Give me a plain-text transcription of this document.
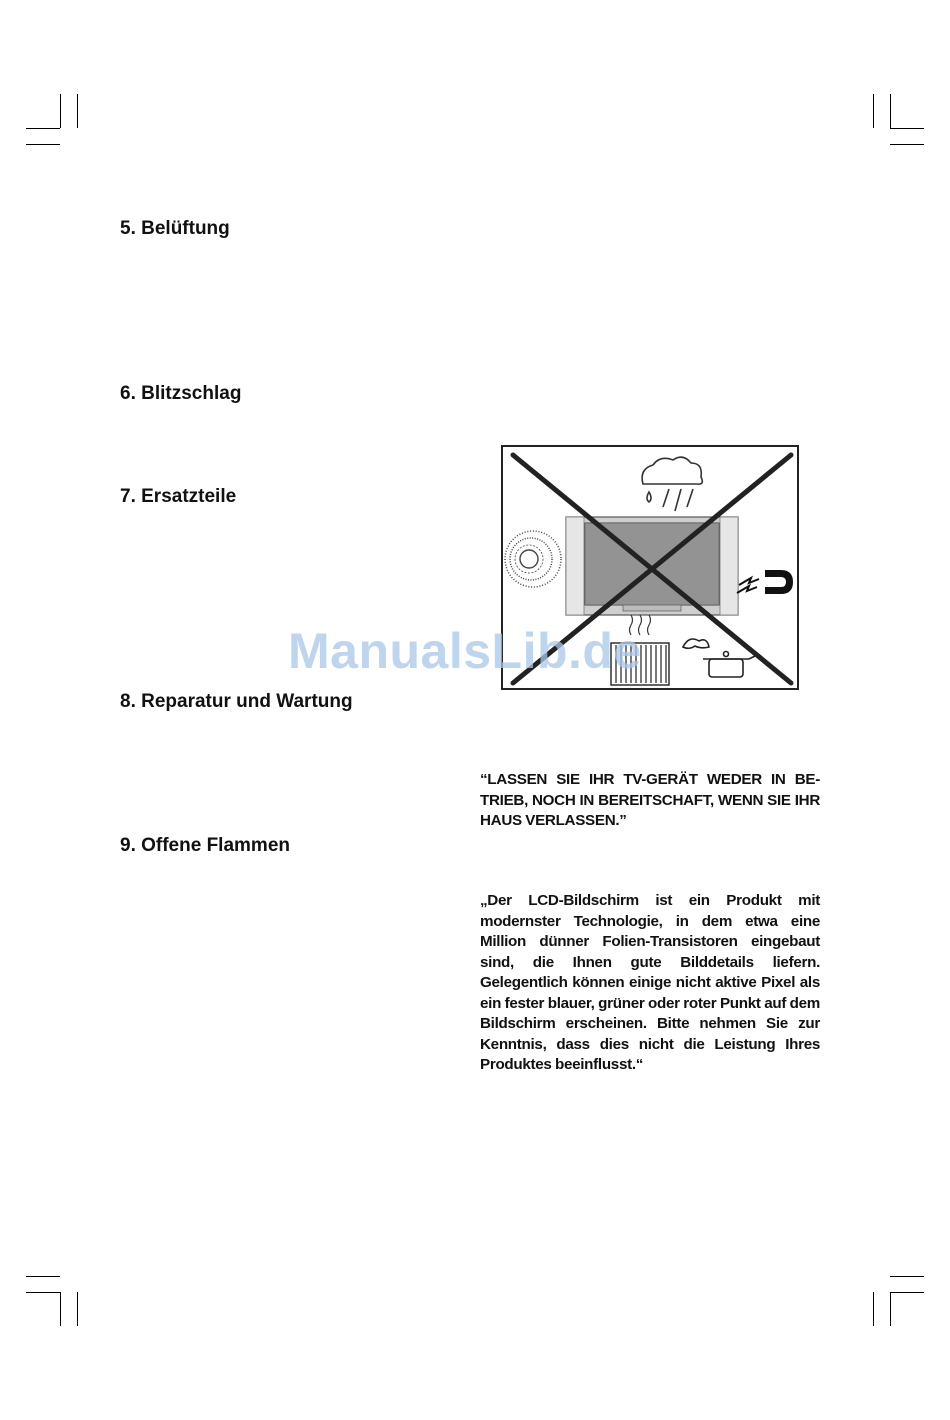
5. Belüftung
6. Blitzschlag
7. Ersatzteile
8. Reparatur und Wartung
9. Offene Flammen
ManualsLib.de

“LASSEN SIE IHR TV-GERÄT WEDER IN BE-TRIEB, NOCH IN BEREITSCHAFT, WENN SIE IHR HAUS VERLASSEN.”

„Der LCD-Bildschirm ist ein Produkt mit modernster Technologie, in dem etwa eine Million dünner Folien-Transistoren eingebaut sind, die Ihnen gute Bilddetails liefern. Gelegentlich können einige nicht aktive Pixel als ein fester blauer, grüner oder roter Punkt auf dem Bildschirm erscheinen. Bitte nehmen Sie zur Kenntnis, dass dies nicht die Leistung Ihres Produktes beeinflusst.“
